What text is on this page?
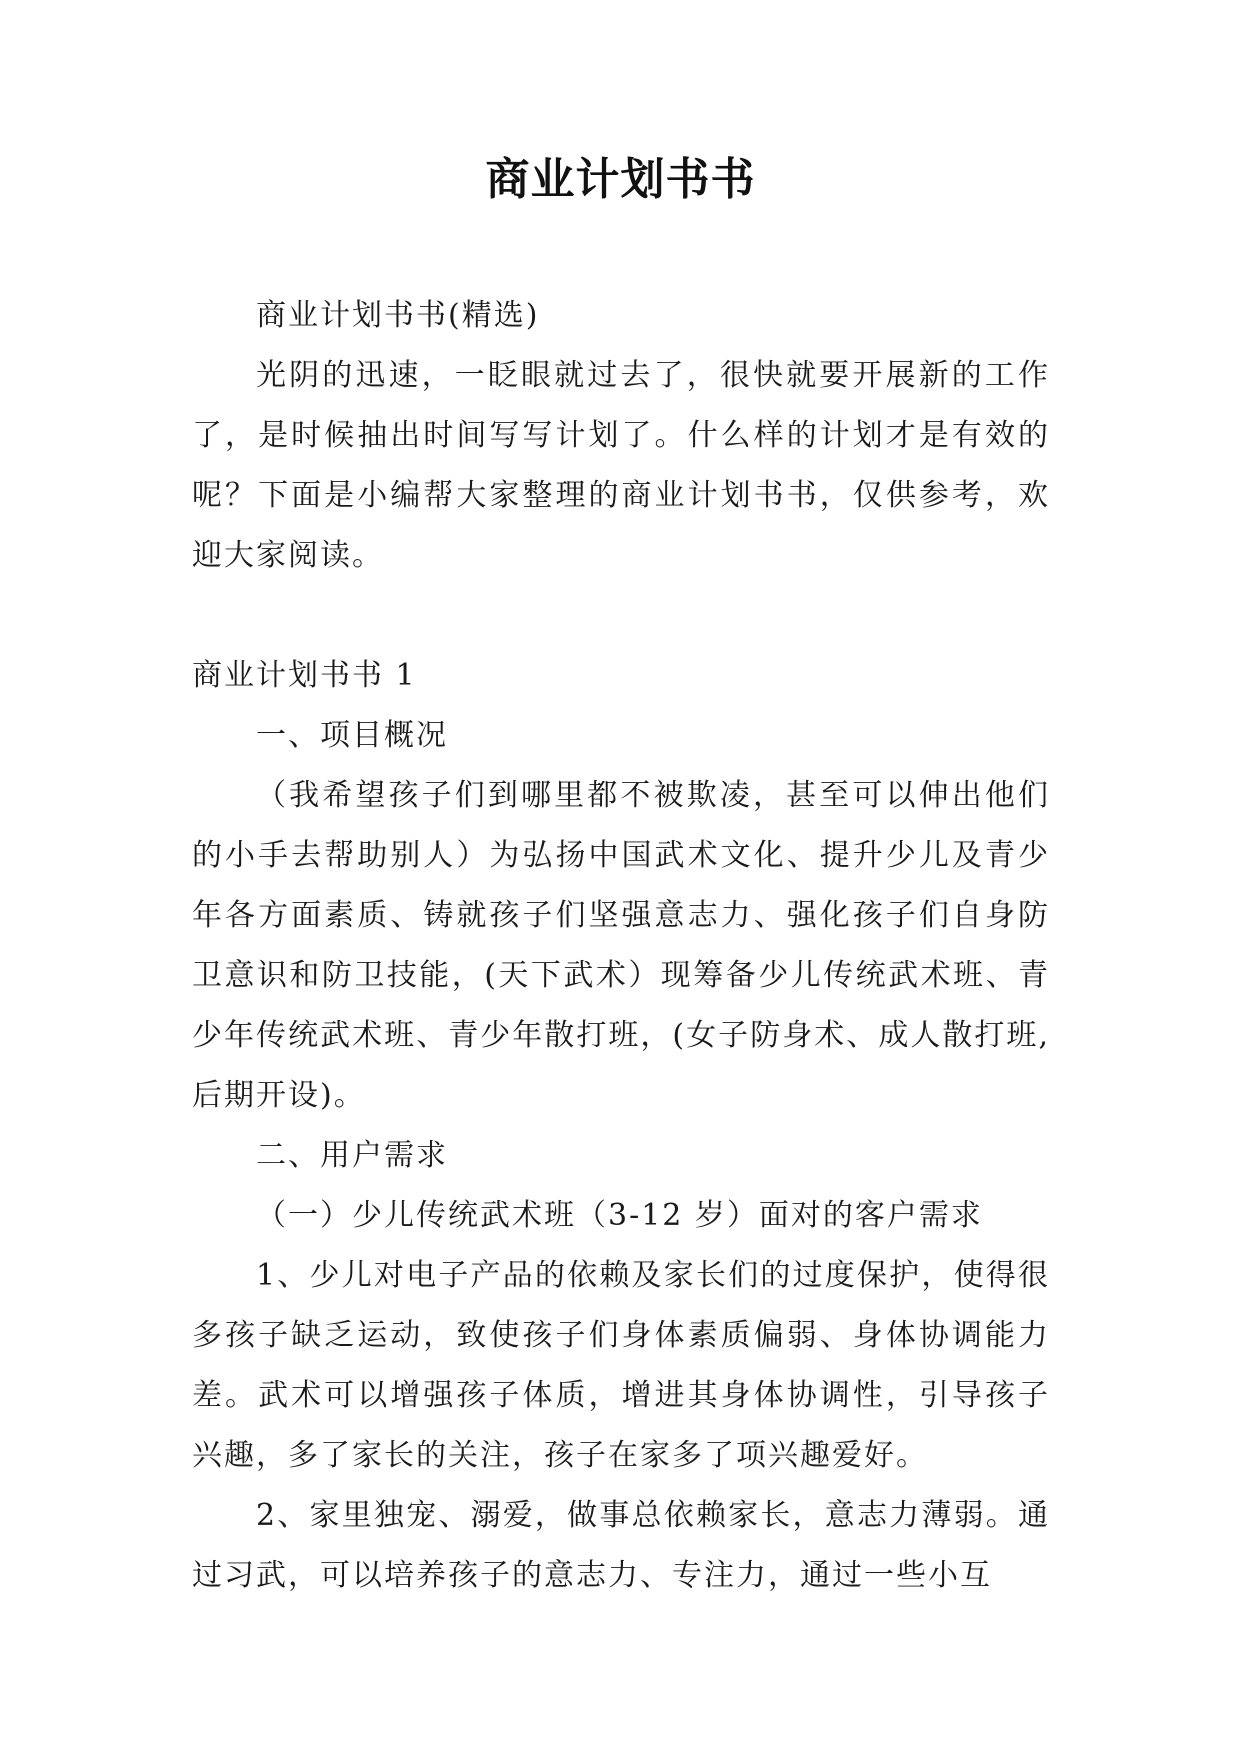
商业计划书书

商业计划书书(精选)

光阴的迅速，一眨眼就过去了，很快就要开展新的工作了，是时候抽出时间写写计划了。什么样的计划才是有效的呢？下面是小编帮大家整理的商业计划书书，仅供参考，欢迎大家阅读。

商业计划书书 1

一、项目概况

（我希望孩子们到哪里都不被欺凌，甚至可以伸出他们的小手去帮助别人）为弘扬中国武术文化、提升少儿及青少年各方面素质、铸就孩子们坚强意志力、强化孩子们自身防卫意识和防卫技能，(天下武术）现筹备少儿传统武术班、青少年传统武术班、青少年散打班，(女子防身术、成人散打班,后期开设)。

二、用户需求

（一）少儿传统武术班（3-12 岁）面对的客户需求

1、少儿对电子产品的依赖及家长们的过度保护，使得很多孩子缺乏运动，致使孩子们身体素质偏弱、身体协调能力差。武术可以增强孩子体质，增进其身体协调性，引导孩子兴趣，多了家长的关注，孩子在家多了项兴趣爱好。

2、家里独宠、溺爱，做事总依赖家长，意志力薄弱。通过习武，可以培养孩子的意志力、专注力，通过一些小互
